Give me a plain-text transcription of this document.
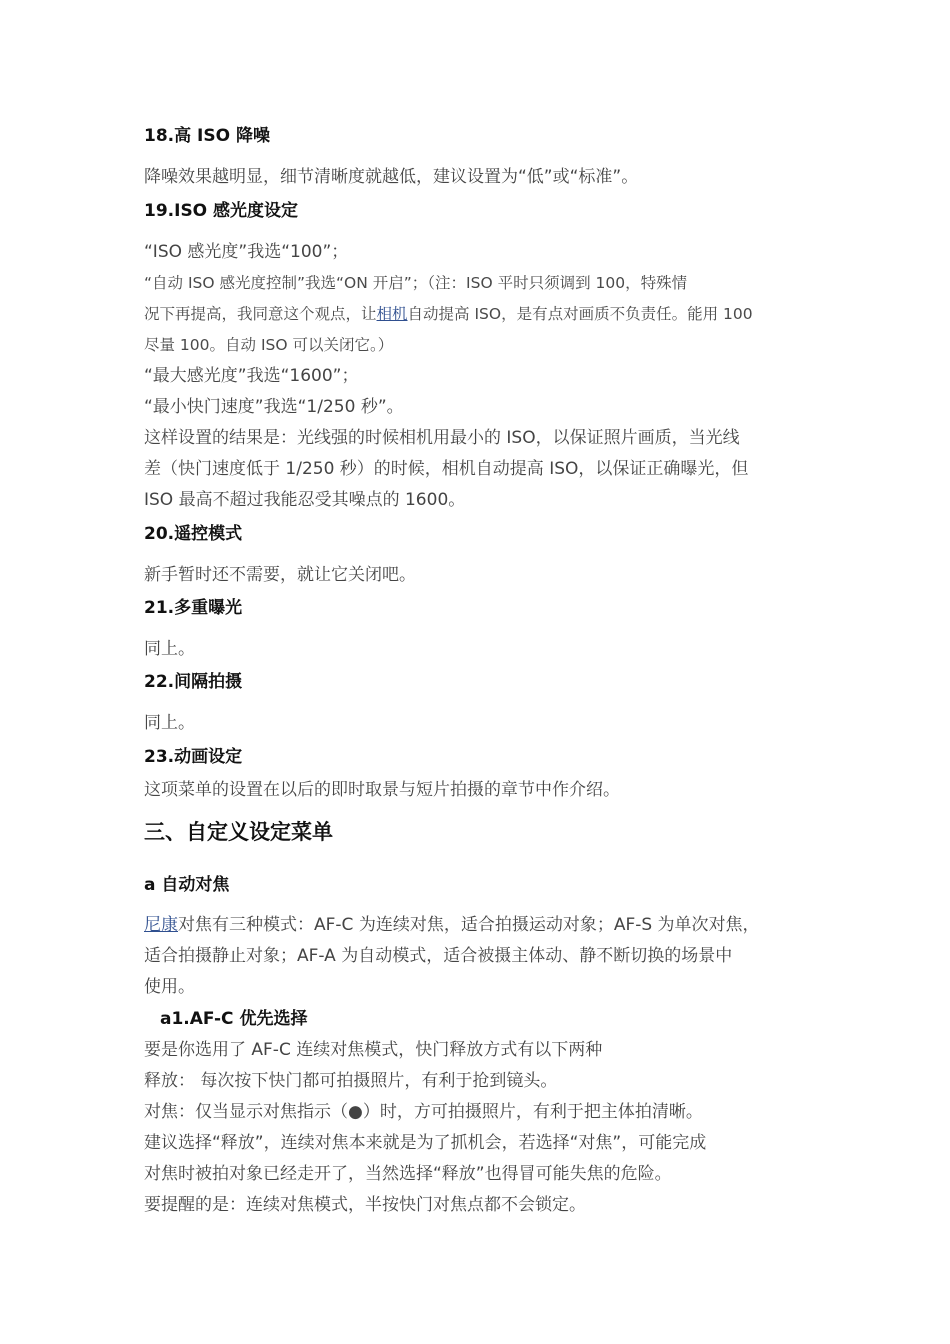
18.高 ISO 降噪
降噪效果越明显，细节清晰度就越低，建议设置为“低”或“标准”。
19.ISO 感光度设定
“ISO 感光度”我选“100”；
“自动 ISO 感光度控制”我选“ON 开启”；（注：ISO 平时只须调到 100，特殊情
况下再提高，我同意这个观点，让相机自动提高 ISO，是有点对画质不负责任。能用 100
尽量 100。自动 ISO 可以关闭它。）
“最大感光度”我选“1600”；
“最小快门速度”我选“1/250 秒”。
这样设置的结果是：光线强的时候相机用最小的 ISO，以保证照片画质，当光线
差（快门速度低于 1/250 秒）的时候，相机自动提高 ISO，以保证正确曝光，但
ISO 最高不超过我能忍受其噪点的 1600。
20.遥控模式
新手暂时还不需要，就让它关闭吧。
21.多重曝光
同上。
22.间隔拍摄
同上。
23.动画设定
这项菜单的设置在以后的即时取景与短片拍摄的章节中作介绍。
三、自定义设定菜单
a 自动对焦
尼康对焦有三种模式：AF-C 为连续对焦，适合拍摄运动对象；AF-S 为单次对焦，
适合拍摄静止对象；AF-A 为自动模式，适合被摄主体动、静不断切换的场景中
使用。
a1.AF-C 优先选择
要是你选用了 AF-C 连续对焦模式，快门释放方式有以下两种
释放： 每次按下快门都可拍摄照片，有利于抢到镜头。
对焦：仅当显示对焦指示（●）时，方可拍摄照片，有利于把主体拍清晰。
建议选择“释放”，连续对焦本来就是为了抓机会，若选择“对焦”，可能完成
对焦时被拍对象已经走开了，当然选择“释放”也得冒可能失焦的危险。
要提醒的是：连续对焦模式，半按快门对焦点都不会锁定。
